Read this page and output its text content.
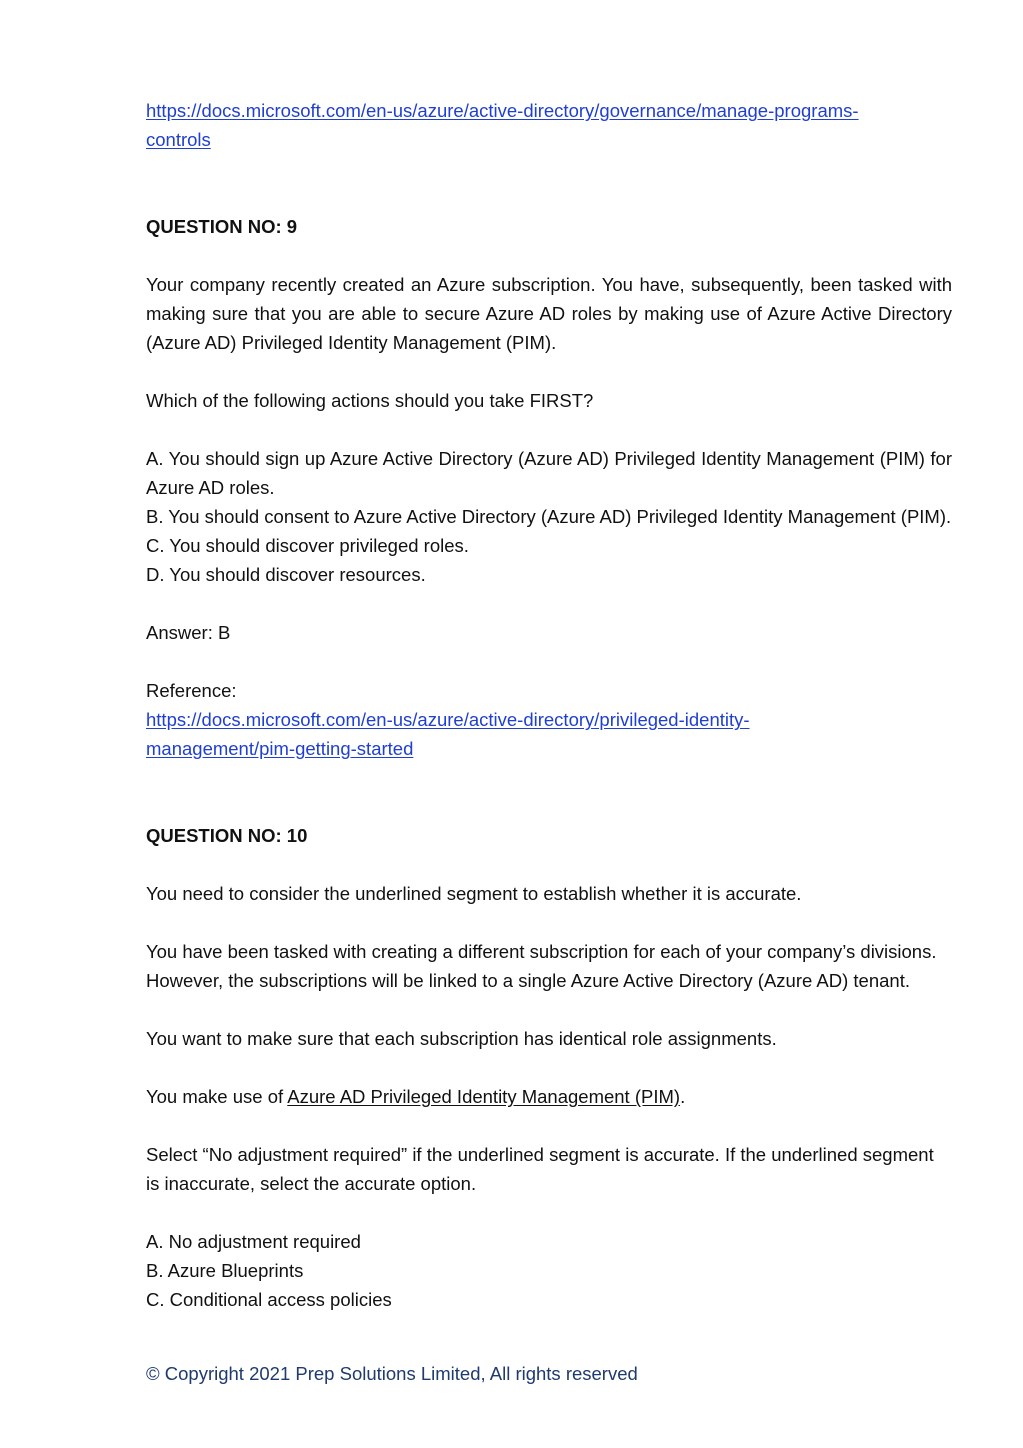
https://docs.microsoft.com/en-us/azure/active-directory/governance/manage-programs-
controls

QUESTION NO: 9

Your company recently created an Azure subscription. You have, subsequently, been tasked with making sure that you are able to secure Azure AD roles by making use of Azure Active Directory (Azure AD) Privileged Identity Management (PIM).

Which of the following actions should you take FIRST?

A. You should sign up Azure Active Directory (Azure AD) Privileged Identity Management (PIM) for Azure AD roles.

B. You should consent to Azure Active Directory (Azure AD) Privileged Identity Management (PIM).

C. You should discover privileged roles.

D. You should discover resources.

Answer: B

Reference:

https://docs.microsoft.com/en-us/azure/active-directory/privileged-identity-
management/pim-getting-started

QUESTION NO: 10

You need to consider the underlined segment to establish whether it is accurate.

You have been tasked with creating a different subscription for each of your company’s divisions. However, the subscriptions will be linked to a single Azure Active Directory (Azure AD) tenant.

You want to make sure that each subscription has identical role assignments.

You make use of Azure AD Privileged Identity Management (PIM).

Select “No adjustment required” if the underlined segment is accurate. If the underlined segment is inaccurate, select the accurate option.

A. No adjustment required

B. Azure Blueprints

C. Conditional access policies

© Copyright 2021 Prep Solutions Limited, All rights reserved
